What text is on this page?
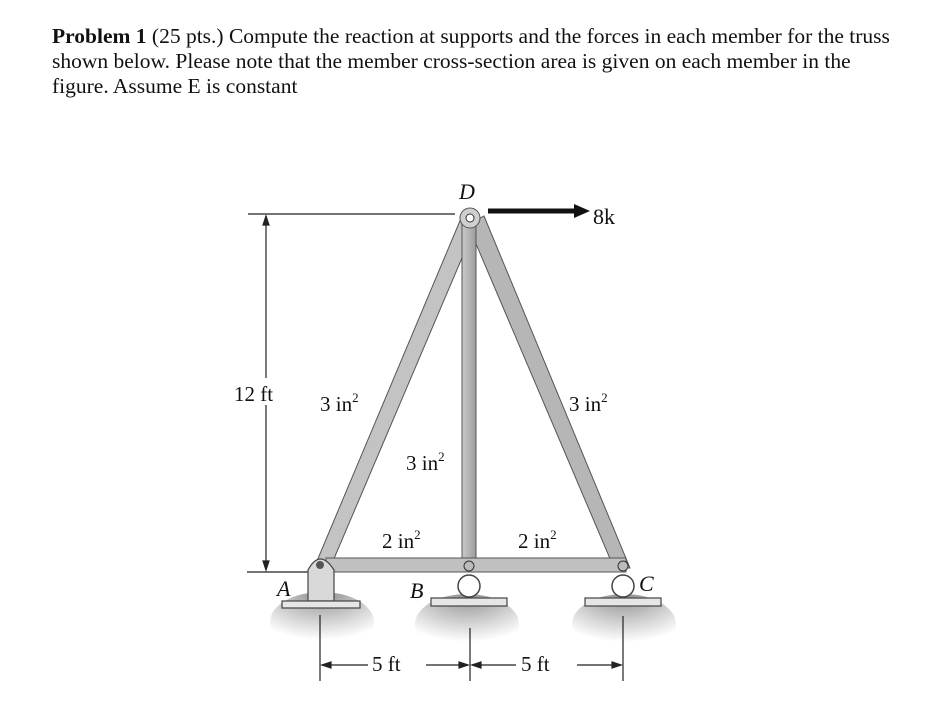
Problem 1 (25 pts.) Compute the reaction at supports and the forces in each member for the truss shown below. Please note that the member cross-section area is given on each member in the figure. Assume E is constant
D
8k
12 ft 3 $in^2$	3 $in^2$
3 $in^2$
2 $in^2$	2 $in^2$
A	B	C
5 ft	5 ft
